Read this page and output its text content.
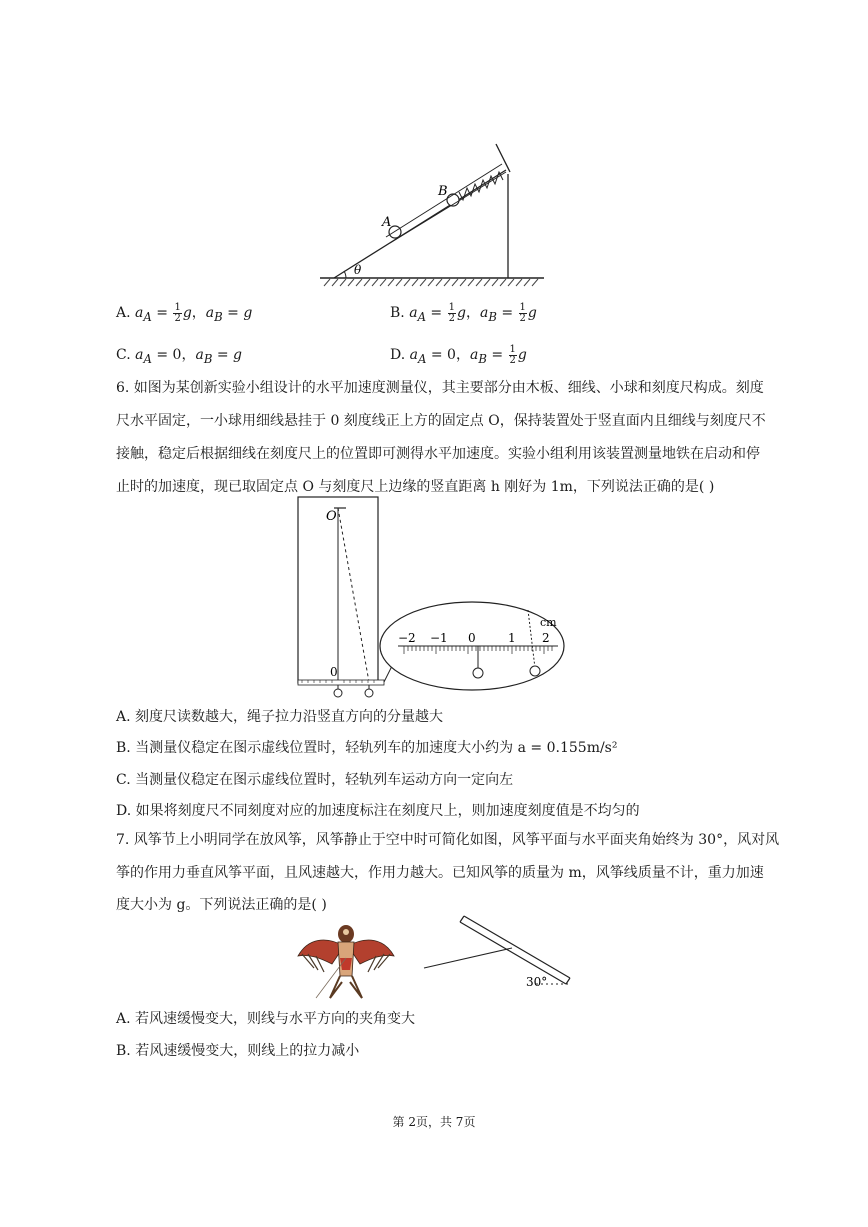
A
B
θ
A. $a_A = \frac{1}{2}$ g，$a_B = g$	B. $a_A = \frac{1}{2}$ g，$a_B = \frac{1}{2}$ g
C. $a_A = 0$，$a_B = g$	D. $a_A = 0$，$a_B = \frac{1}{2}$ g
6. 如图为某创新实验小组设计的水平加速度测量仪，其主要部分由木板、细线、小球和刻度尺构成。刻度
尺水平固定，一小球用细线悬挂于 0 刻度线正上方的固定点 O，保持装置处于竖直面内且细线与刻度尺不
接触，稳定后根据细线在刻度尺上的位置即可测得水平加速度。实验小组利用该装置测量地铁在启动和停
止时的加速度，现已取固定点 O 与刻度尺上边缘的竖直距离 h 刚好为 1m，下列说法正确的是( )
O
0
−2 −1 0	1 2
cm
A. 刻度尺读数越大，绳子拉力沿竖直方向的分量越大
B. 当测量仪稳定在图示虚线位置时，轻轨列车的加速度大小约为 a = 0.155m/s²
C. 当测量仪稳定在图示虚线位置时，轻轨列车运动方向一定向左
D. 如果将刻度尺不同刻度对应的加速度标注在刻度尺上，则加速度刻度值是不均匀的
7. 风筝节上小明同学在放风筝，风筝静止于空中时可简化如图，风筝平面与水平面夹角始终为 30°，风对风
筝的作用力垂直风筝平面，且风速越大，作用力越大。已知风筝的质量为 m，风筝线质量不计，重力加速
度大小为 g。下列说法正确的是( )
30°
A. 若风速缓慢变大，则线与水平方向的夹角变大
B. 若风速缓慢变大，则线上的拉力减小
第 2页，共 7页
